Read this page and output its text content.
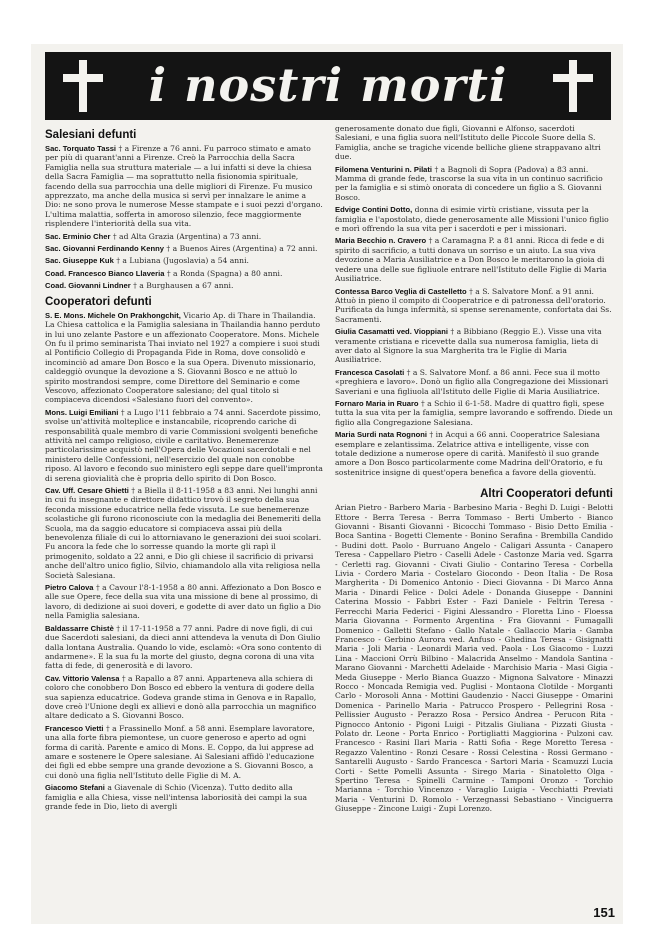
i nostri morti
Salesiani defunti

Sac. Torquato Tassi † a Firenze a 76 anni. Fu parroco stimato e amato per più di quarant'anni a Firenze. Creò la Parrocchia della Sacra Famiglia nella sua struttura materiale — a lui infatti si deve la chiesa della Sacra Famiglia — ma soprattutto nella fisionomia spirituale, facendo della sua parrocchia una delle migliori di Firenze. Fu musico apprezzato, ma anche della musica si servì per innalzare le anime a Dio: ne sono prova le numerose Messe stampate e i suoi pezzi d'organo. L'ultima malattia, sofferta in amoroso silenzio, fece maggiormente risplendere l'interiorità della sua vita.

Sac. Erminio Cher † ad Alta Grazia (Argentina) a 73 anni.

Sac. Giovanni Ferdinando Kenny † a Buenos Aires (Argentina) a 72 anni.

Sac. Giuseppe Kuk † a Lubiana (Jugoslavia) a 54 anni.

Coad. Francesco Bianco Llaveria † a Ronda (Spagna) a 80 anni.

Coad. Giovanni Lindner † a Burghausen a 67 anni.

Cooperatori defunti

S. E. Mons. Michele On Prakhongchit, Vicario Ap. di Thare in Thailandia. La Chiesa cattolica e la Famiglia salesiana in Thailandia hanno perduto in lui uno zelante Pastore e un affezionato Cooperatore. Mons. Michele On fu il primo seminarista Thai inviato nel 1927 a compiere i suoi studi al Pontificio Collegio di Propaganda Fide in Roma, dove consolidò e incominciò ad amare Don Bosco e la sua Opera. Divenuto missionario, caldeggiò ovunque la devozione a S. Giovanni Bosco e ne attuò lo spirito mostrandosi sempre, come Direttore del Seminario e come Vescovo, affezionato Cooperatore salesiano; del qual titolo si compiaceva dicendosi «Salesiano fuori del convento».

Mons. Luigi Emiliani † a Lugo l'11 febbraio a 74 anni. Sacerdote pissimo, svolse un'attività molteplice e instancabile, ricoprendo cariche di responsabilità quale membro di varie Commissioni svolgenti benefiche attività nel campo religioso, civile e caritativo. Benemerenze particolarissime acquistò nell'Opera delle Vocazioni sacerdotali e nel ministero delle Confessioni, nell'esercizio del quale non conobbe riposo. Al lavoro e fecondo suo ministero egli seppe dare quell'impronta di serena giovialità che è propria dello spirito di Don Bosco.

Cav. Uff. Cesare Ghietti † a Biella il 8-11-1958 a 83 anni. Nei lunghi anni in cui fu insegnante e direttore didattico trovò il segreto della sua feconda missione educatrice nella fede vissuta. Le sue benemerenze scolastiche gli furono riconosciute con la medaglia dei Benemeriti della Scuola, ma da saggio educatore si compiaceva assai più della benevolenza filiale di cui lo attorniavano le generazioni dei suoi scolari. Fu ancora la fede che lo sorresse quando la morte gli rapì il primogenito, soldato a 22 anni, e Dio gli chiese il sacrificio di privarsi anche dell'altro unico figlio, Silvio, chiamandolo alla vita religiosa nella Società Salesiana.

Pietro Calova † a Cavour l'8-1-1958 a 80 anni. Affezionato a Don Bosco e alle sue Opere, fece della sua vita una missione di bene al prossimo, di lavoro, di dedizione ai suoi doveri, e godette di aver dato un figlio a Dio nella Famiglia salesiana.

Baldassarre Chistè † il 17-11-1958 a 77 anni. Padre di nove figli, di cui due Sacerdoti salesiani, da dieci anni attendeva la venuta di Don Giulio dalla lontana Australia. Quando lo vide, esclamò: «Ora sono contento di andarmene». E la sua fu la morte del giusto, degna corona di una vita fatta di fede, di generosità e di lavoro.

Cav. Vittorio Valensa † a Rapallo a 87 anni. Apparteneva alla schiera di coloro che conobbero Don Bosco ed ebbero la ventura di godere della sua sapienza educatrice. Godeva grande stima in Genova e in Rapallo, dove creò l'Unione degli ex allievi e donò alla parrocchia un magnifico altare dedicato a S. Giovanni Bosco.

Francesco Vietti † a Frassinello Monf. a 58 anni. Esemplare lavoratore, una alla forte fibra piemontese, un cuore generoso e aperto ad ogni forma di carità. Parente e amico di Mons. E. Coppo, da lui apprese ad amare e sostenere le Opere salesiane. Ai Salesiani affidò l'educazione dei figli ed ebbe sempre una grande devozione a S. Giovanni Bosco, a cui donò una figlia nell'Istituto delle Figlie di M. A.

Giacomo Stefani a Giavenale di Schio (Vicenza). Tutto dedito alla famiglia e alla Chiesa, visse nell'intensa laboriosità dei campi la sua grande fede in Dio, lieto di avergli

generosamente donato due figli, Giovanni e Alfonso, sacerdoti Salesiani, e una figlia suora nell'Istituto delle Piccole Suore della S. Famiglia, anche se tragiche vicende belliche gliene strappavano altri due.

Filomena Venturini n. Pilati † a Bagnoli di Sopra (Padova) a 83 anni. Mamma di grande fede, trascorse la sua vita in un continuo sacrificio per la famiglia e si stimò onorata di concedere un figlio a S. Giovanni Bosco.

Edvige Contini Dotto, donna di esimie virtù cristiane, vissuta per la famiglia e l'apostolato, diede generosamente alle Missioni l'unico figlio e morì offrendo la sua vita per i sacerdoti e per i missionari.

Maria Becchio n. Cravero † a Caramagna P. a 81 anni. Ricca di fede e di spirito di sacrificio, a tutti donava un sorriso e un aiuto. La sua viva devozione a Maria Ausiliatrice e a Don Bosco le meritarono la gioia di vedere una delle sue figliuole entrare nell'Istituto delle Figlie di Maria Ausiliatrice.

Contessa Barco Veglia di Castelletto † a S. Salvatore Monf. a 91 anni. Attuò in pieno il compito di Cooperatrice e di patronessa dell'oratorio. Purificata da lunga infermità, si spense serenamente, confortata dai Ss. Sacramenti.

Giulia Casamatti ved. Vioppiani † a Bibbiano (Reggio E.). Visse una vita veramente cristiana e ricevette dalla sua numerosa famiglia, lieta di aver dato al Signore la sua Margherita tra le Figlie di Maria Ausiliatrice.

Francesca Casolati † a S. Salvatore Monf. a 86 anni. Fece sua il motto «preghiera e lavoro». Donò un figlio alla Congregazione dei Missionari Saveriani e una figliuola all'Istituto delle Figlie di Maria Ausiliatrice.

Fornaro Maria in Ruaro † a Schio il 6-1-58. Madre di quattro figli, spese tutta la sua vita per la famiglia, sempre lavorando e soffrendo. Diede un figlio alla Congregazione Salesiana.

Maria Surdi nata Rognoni † in Acqui a 66 anni. Cooperatrice Salesiana esemplare e zelantissima. Zelatrice attiva e intelligente, visse con totale dedizione a numerose opere di carità. Manifestò il suo grande amore a Don Bosco particolarmente come Madrina dell'Oratorio, e fu sostenitrice insigne di quest'opera benefica a favore della gioventù.

Altri Cooperatori defunti

Arian Pietro - Barbero Maria - Barbesino Maria - Beghi D. Luigi - Belotti Ettore - Berra Teresa - Berra Tommaso - Berti Umberto - Bianco Giovanni - Bisanti Giovanni - Bicocchi Tommaso - Bisio Detto Emilia - Boca Santina - Bogetti Clemente - Bonino Serafina - Brembilla Candido - Budini dott. Paolo - Burruano Angelo - Caligari Assunta - Canapero Teresa - Cappellaro Pietro - Caselli Adele - Castonze Maria ved. Sgarra - Cerletti rag. Giovanni - Civati Giulio - Contarino Teresa - Corbella Livia - Cordero Maria - Costelaro Giocondo - Deon Italia - De Rosa Margherita - Di Domenico Antonio - Dieci Giovanna - Di Marco Anna Maria - Dinardi Felice - Dolci Adele - Donanda Giuseppe - Dannini Caterina Mossio - Fabbri Ester - Fazi Daniele - Feltrin Teresa - Ferrecchi Maria Federici - Figini Alessandro - Floretta Lino - Floessa Maria Giovanna - Formento Argentina - Fra Giovanni - Fumagalli Domenico - Galletti Stefano - Gallo Natale - Gallaccio Maria - Gamba Francesco - Gerbino Aurora ved. Anfuso - Ghedina Teresa - Gisignatti Maria - Joli Maria - Leonardi Maria ved. Paola - Los Giacomo - Luzzi Lina - Maccioni Orrù Bilbino - Malacrida Anselmo - Mandola Santina - Marano Giovanni - Marchetti Adelaide - Marchisio Maria - Masi Gigia - Meda Giuseppe - Merlo Bianca Guazzo - Mignona Salvatore - Minazzi Rocco - Moncada Remigia ved. Puglisi - Montaona Clotilde - Morganti Carlo - Morosoli Anna - Mottini Gaudenzio - Nacci Giuseppe - Omarini Domenica - Parinello Maria - Patrucco Prospero - Pellegrini Rosa - Pellissier Augusto - Perazzo Rosa - Persico Andrea - Perucon Rita - Pignocco Antonio - Pigoni Luigi - Pitzalis Giuliana - Pizzati Giusta - Polato dr. Leone - Porta Enrico - Portigliatti Maggiorina - Pulzoni cav. Francesco - Rasini Ilari Maria - Ratti Sofia - Rege Moretto Teresa - Regazzo Valentino - Ronzi Cesare - Rossi Celestina - Rossi Germano - Santarelli Augusto - Sardo Francesca - Sartori Maria - Scamuzzi Lucia Corti - Sette Pomelli Assunta - Sirego Maria - Sinatoletto Olga - Spertino Teresa - Spinelli Carmine - Tamponi Oronzo - Torchio Marianna - Torchio Vincenzo - Varaglio Luigia - Vecchiatti Previati Maria - Venturini D. Romolo - Verzegnassi Sebastiano - Vinciguerra Giuseppe - Zincone Luigi - Zupi Lorenzo.

151
